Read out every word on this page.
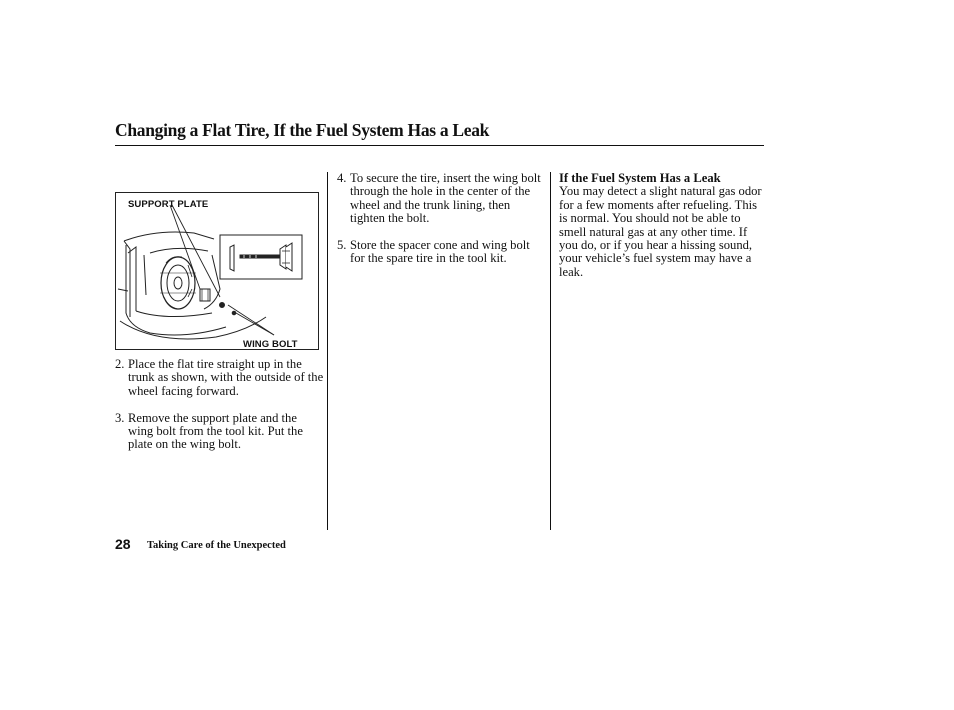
Changing a Flat Tire, If the Fuel System Has a Leak
SUPPORT PLATE
WING BOLT
2. Place the flat tire straight up in the trunk as shown, with the outside of the wheel facing forward.
3. Remove the support plate and the wing bolt from the tool kit. Put the plate on the wing bolt.
4. To secure the tire, insert the wing bolt through the hole in the center of the wheel and the trunk lining, then tighten the bolt.
5. Store the spacer cone and wing bolt for the spare tire in the tool kit.
If the Fuel System Has a Leak
You may detect a slight natural gas odor for a few moments after refueling. This is normal. You should not be able to smell natural gas at any other time. If you do, or if you hear a hissing sound, your vehicle’s fuel system may have a leak.
28 Taking Care of the Unexpected
